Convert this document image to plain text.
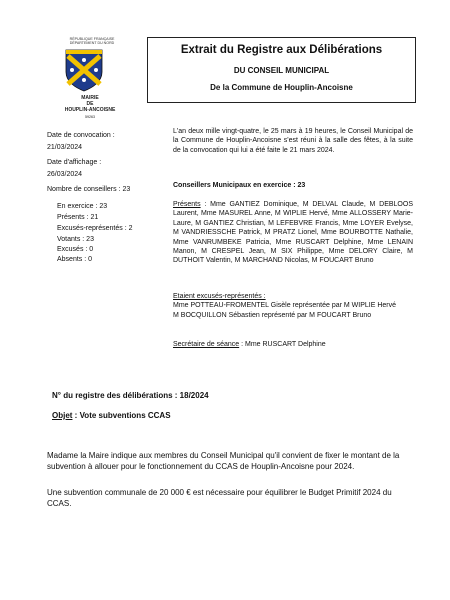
RÉPUBLIQUE FRANÇAISE
DÉPARTEMENT DU NORD
MAIRIE
DE
HOUPLIN-ANCOISNE
59263
Extrait du Registre aux Délibérations
DU CONSEIL MUNICIPAL
De la Commune de Houplin-Ancoisne
Date de convocation :
21/03/2024
Date d'affichage :
26/03/2024
Nombre de conseillers : 23
En exercice : 23
Présents : 21
Excusés-représentés : 2
Votants : 23
Excusés : 0
Absents : 0

L'an deux mille vingt-quatre, le 25 mars à 19 heures, le Conseil Municipal de la Commune de Houplin-Ancoisne s'est réuni à la salle des fêtes, à la suite de la convocation qui lui a été faite le 21 mars 2024.

Conseillers Municipaux en exercice : 23

Présents : Mme GANTIEZ Dominique, M DELVAL Claude, M DEBLOOS Laurent, Mme MASUREL Anne, M WIPLIE Hervé, Mme ALLOSSERY Marie-Laure, M GANTIEZ Christian, M LEFEBVRE Francis, Mme LOYER Evelyse, M VANDRIESSCHE Patrick, M PRATZ Lionel, Mme BOURBOTTE Nathalie, Mme VANRUMBEKE Patricia, Mme RUSCART Delphine, Mme LENAIN Manon, M CRESPEL Jean, M SIX Philippe, Mme DELORY Claire, M DUTHOIT Valentin, M MARCHAND Nicolas, M FOUCART Bruno

Etaient excusés-représentés :

Mme POTTEAU-FROMENTEL Gisèle représentée par M WIPLIE Hervé

M BOCQUILLON Sébastien représenté par M FOUCART Bruno

Secrétaire de séance : Mme RUSCART Delphine

N° du registre des délibérations : 18/2024
Objet : Vote subventions CCAS

Madame la Maire indique aux membres du Conseil Municipal qu'il convient de fixer le montant de la subvention à allouer pour le fonctionnement du CCAS de Houplin-Ancoisne pour 2024.

Une subvention communale de 20 000 € est nécessaire pour équilibrer le Budget Primitif 2024 du CCAS.
